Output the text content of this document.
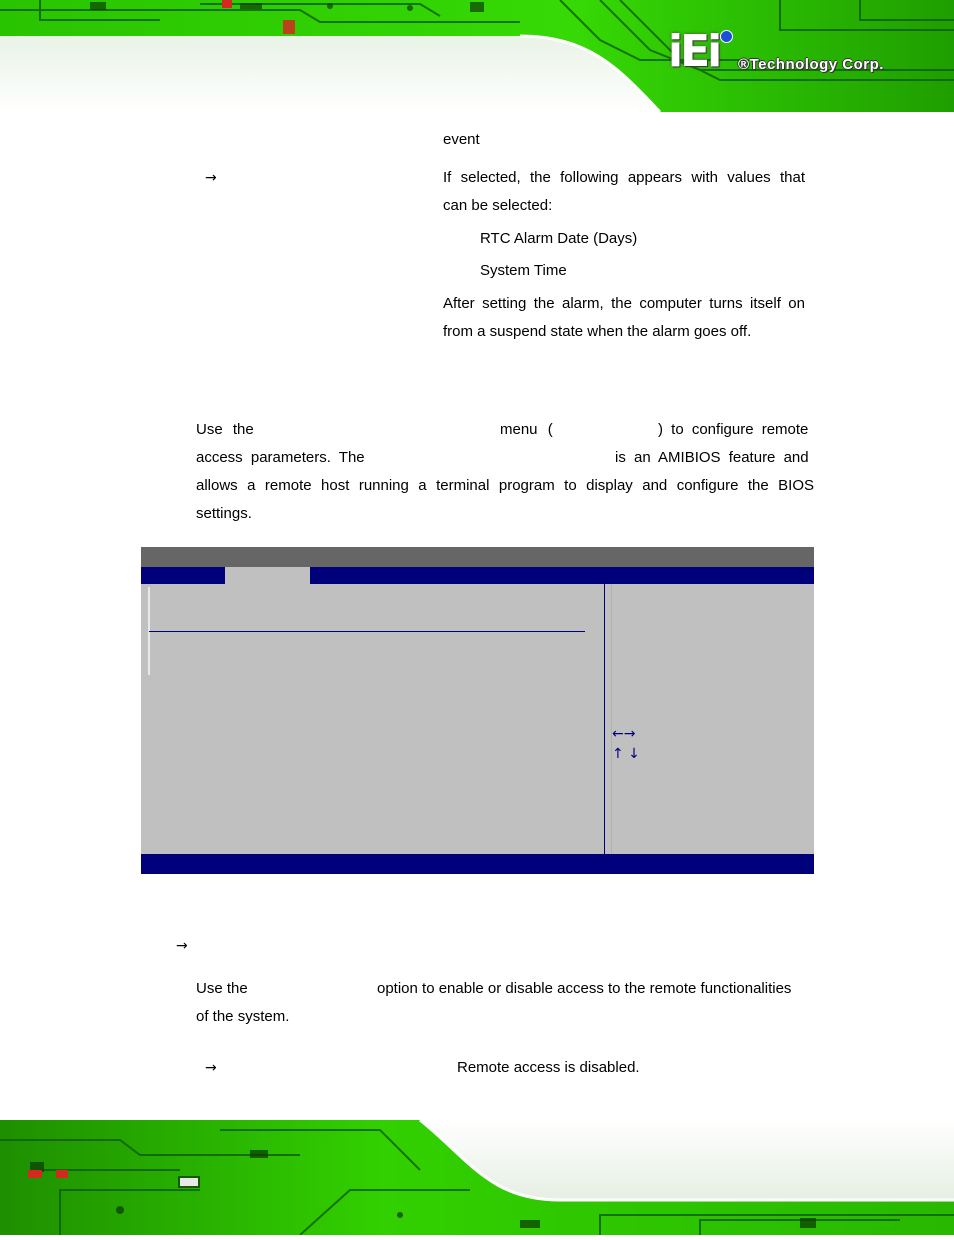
iEi ®Technology Corp.
event
→	If selected, the following appears with values that
can be selected:
RTC Alarm Date (Days)
System Time
After setting the alarm, the computer turns itself on
from a suspend state when the alarm goes off.
Use the	menu (	) to configure remote
access parameters. The	is an AMIBIOS feature and
allows a remote host running a terminal program to display and configure the BIOS
settings.
←→
↑ ↓
→
Use the	option to enable or disable access to the remote functionalities
of the system.
→	Remote access is disabled.
